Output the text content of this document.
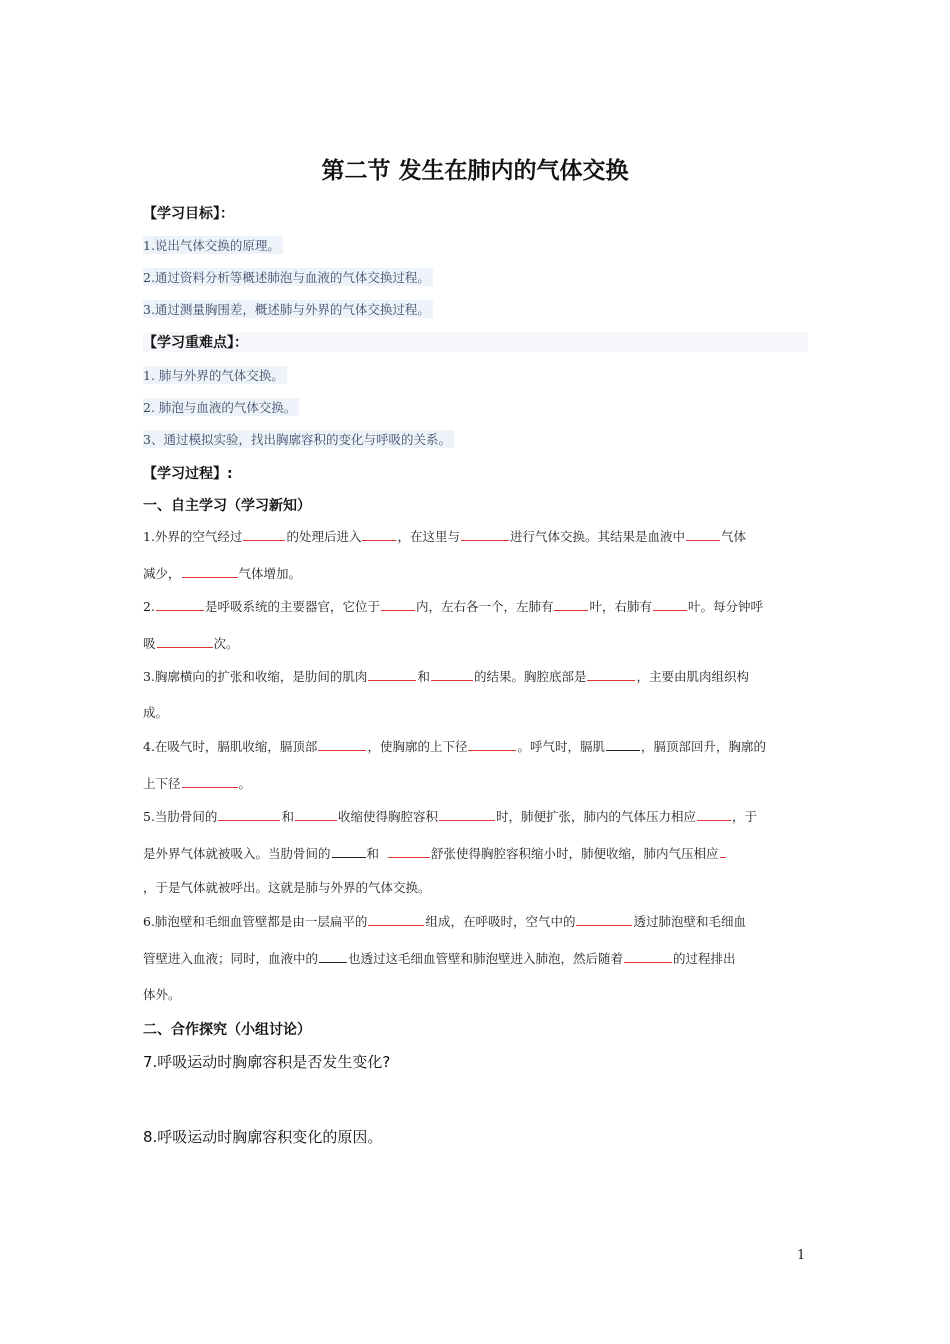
第二节 发生在肺内的气体交换
【学习目标】：
1.说出气体交换的原理。
2.通过资料分析等概述肺泡与血液的气体交换过程。
3.通过测量胸围差，概述肺与外界的气体交换过程。
【学习重难点】：
1. 肺与外界的气体交换。
2. 肺泡与血液的气体交换。
3、通过模拟实验，找出胸廓容积的变化与呼吸的关系。
【学习过程】:
一、自主学习（学习新知）
1.外界的空气经过	的处理后进入	，在这里与	进行气体交换。其结果是血液中	气体
减少，	气体增加。
2.	是呼吸系统的主要器官，它位于	内，左右各一个，左肺有	叶，右肺有	叶。每分钟呼
吸	次。
3.胸廓横向的扩张和收缩，是肋间的肌肉	和	的结果。胸腔底部是	，主要由肌肉组织构
成。
4.在吸气时，膈肌收缩，膈顶部	，使胸廓的上下径	。呼气时，膈肌	，膈顶部回升，胸廓的
上下径	。
5.当肋骨间的	和	收缩使得胸腔容积	时，肺便扩张，肺内的气体压力相应	，于
是外界气体就被吸入。当肋骨间的	和	舒张使得胸腔容积缩小时，肺便收缩，肺内气压相应
，于是气体就被呼出。这就是肺与外界的气体交换。
6.肺泡壁和毛细血管壁都是由一层扁平的	组成，在呼吸时，空气中的	透过肺泡壁和毛细血
管壁进入血液；同时，血液中的 也透过这毛细血管壁和肺泡壁进入肺泡，然后随着	的过程排出
体外。
二、合作探究（小组讨论）
7.呼吸运动时胸廓容积是否发生变化?
8.呼吸运动时胸廓容积变化的原因。
1
